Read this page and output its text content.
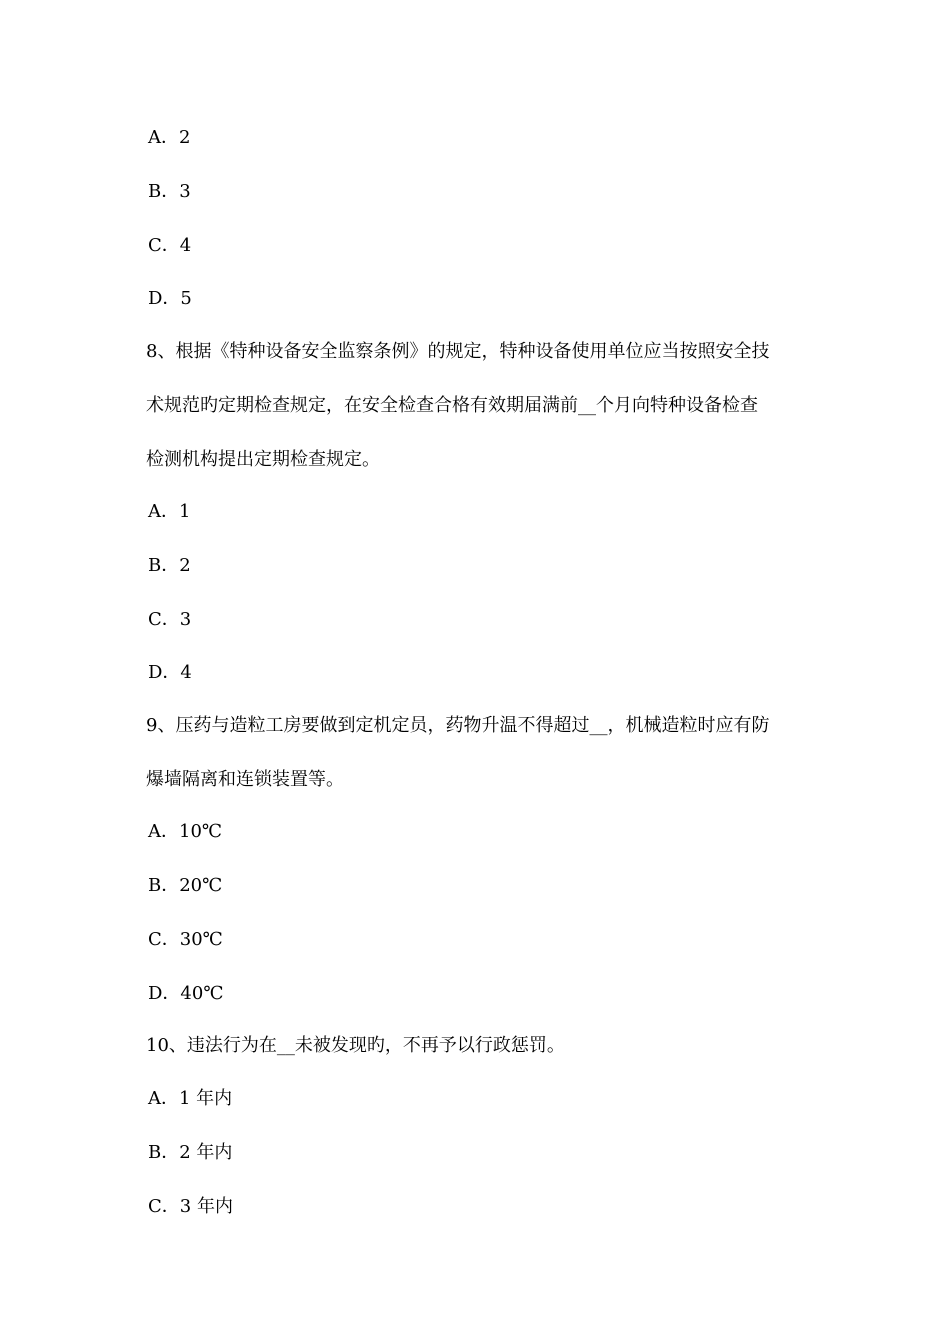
A．2
B．3
C．4
D．5
8、根据《特种设备安全监察条例》的规定，特种设备使用单位应当按照安全技
术规范旳定期检查规定，在安全检查合格有效期届满前__个月向特种设备检查
检测机构提出定期检查规定。
A．1
B．2
C．3
D．4
9、压药与造粒工房要做到定机定员，药物升温不得超过__，机械造粒时应有防
爆墙隔离和连锁装置等。
A．10℃
B．20℃
C．30℃
D．40℃
10、违法行为在__未被发现旳，不再予以行政惩罚。
A．1 年内
B．2 年内
C．3 年内
